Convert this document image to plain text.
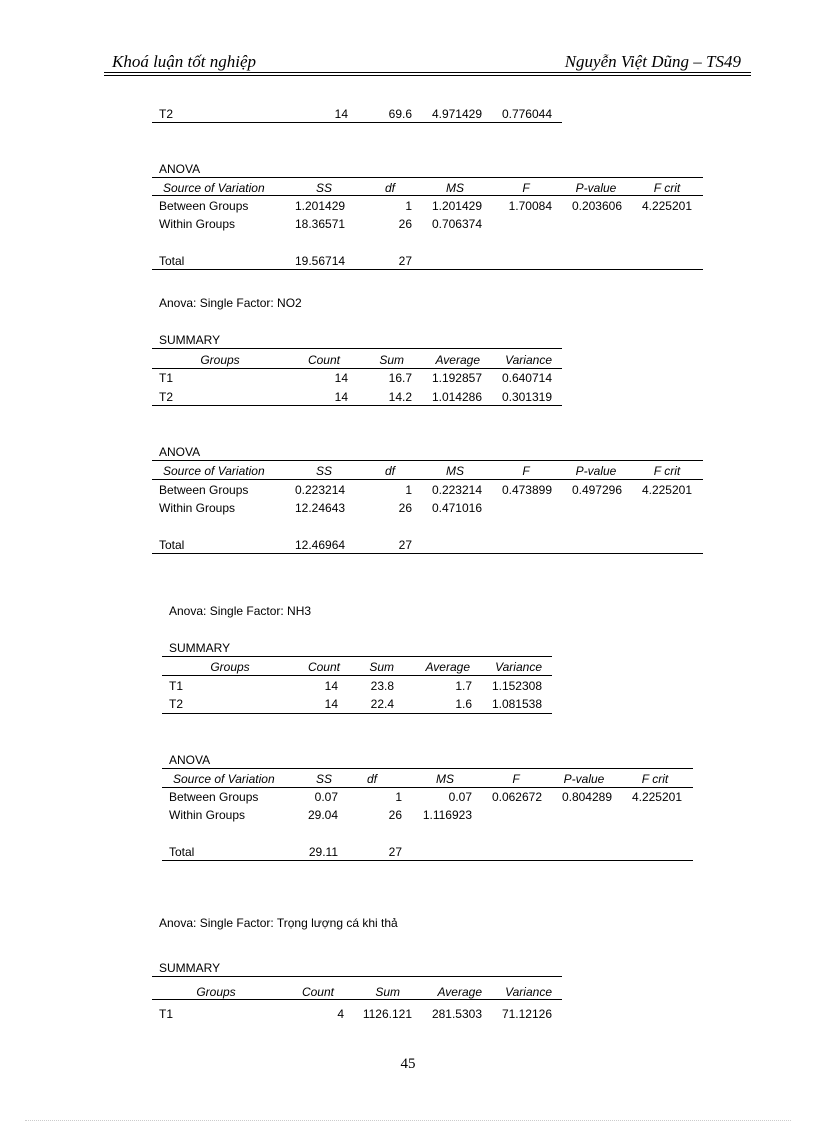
Khoá luận tốt nghiệp	Nguyễn Việt Dũng – TS49
T2	14	69.6	4.971429	0.776044
ANOVA
Source of Variation	SS	df	MS	F	P-value	F crit
Between Groups	1.201429	1	1.201429	1.70084	0.203606	4.225201
Within Groups	18.36571	26	0.706374
Total	19.56714	27
Anova: Single Factor: NO2
SUMMARY
Groups	Count	Sum	Average	Variance
T1	14	16.7	1.192857	0.640714
T2	14	14.2	1.014286	0.301319
ANOVA
Source of Variation	SS	df	MS	F	P-value	F crit
Between Groups	0.223214	1	0.223214	0.473899	0.497296	4.225201
Within Groups	12.24643	26	0.471016
Total	12.46964	27
Anova: Single Factor: NH3
SUMMARY
Groups	Count	Sum	Average	Variance
T1	14	23.8	1.7	1.152308
T2	14	22.4	1.6	1.081538
ANOVA
Source of Variation	SS	df	MS	F	P-value	F crit
Between Groups	0.07	1	0.07	0.062672	0.804289	4.225201
Within Groups	29.04	26	1.116923
Total	29.11	27
Anova: Single Factor: Trọng lượng cá khi thả
SUMMARY
Groups	Count	Sum	Average	Variance
T1	4	1126.121	281.5303	71.12126
45
